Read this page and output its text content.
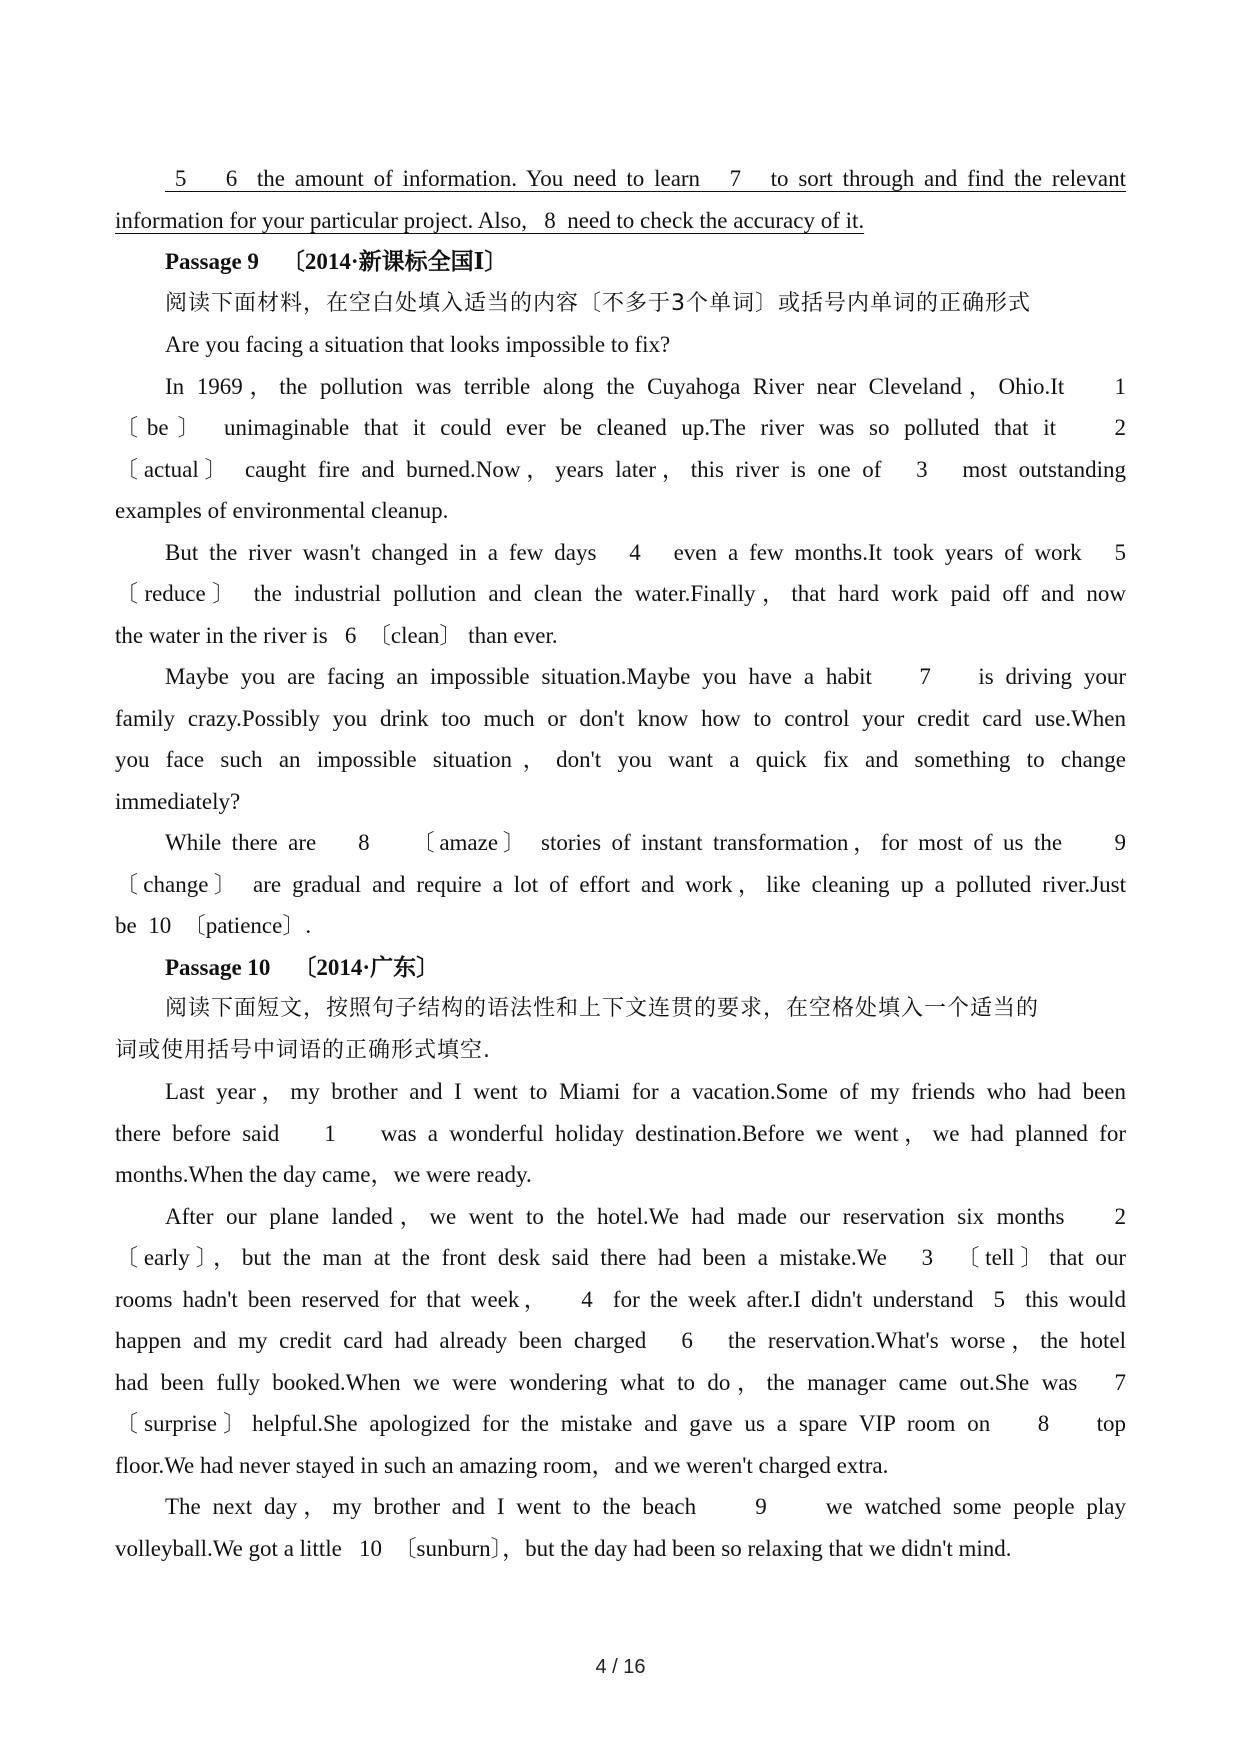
5    6  the amount of information. You need to learn   7   to sort through and find the relevant
information for your particular project. Also,   8  need to check the accuracy of it.
Passage 9    〔2014·新课标全国Ⅰ〕
阅读下面材料，在空白处填入适当的内容〔不多于3个单词〕或括号内单词的正确形式
Are you facing a situation that looks impossible to fix?
In 1969，the pollution was terrible along the Cuyahoga River near Cleveland，Ohio.It    1
〔be〕 unimaginable that it could ever be cleaned up.The river was so polluted that it    2
〔actual〕 caught fire and burned.Now，years later，this river is one of   3   most outstanding
examples of environmental cleanup.
But the river wasn't changed in a few days   4   even a few months.It took years of work   5
〔reduce〕 the industrial pollution and clean the water.Finally，that hard work paid off and now
the water in the river is   6  〔clean〕 than ever.
Maybe you are facing an impossible situation.Maybe you have a habit    7    is driving your
family crazy.Possibly you drink too much or don't know how to control your credit card use.When
you face such an impossible situation，don't you want a quick fix and something to change
immediately?
While there are    8    〔amaze〕 stories of instant transformation，for most of us the     9
〔change〕 are gradual and require a lot of effort and work，like cleaning up a polluted river.Just
be  10  〔patience〕.
Passage 10    〔2014·广东〕
阅读下面短文，按照句子结构的语法性和上下文连贯的要求，在空格处填入一个适当的
词或使用括号中词语的正确形式填空.
Last year，my brother and I went to Miami for a vacation.Some of my friends who had been
there before said    1    was a wonderful holiday destination.Before we went，we had planned for
months.When the day came，we were ready.
After our plane landed，we went to the hotel.We had made our reservation six months    2
〔early〕，but the man at the front desk said there had been a mistake.We   3  〔tell〕that our
rooms hadn't been reserved for that week，   4  for the week after.I didn't understand  5  this would
happen and my credit card had already been charged   6   the reservation.What's worse，the hotel
had been fully booked.When we were wondering what to do，the manager came out.She was   7
〔surprise〕helpful.She apologized for the mistake and gave us a spare VIP room on    8    top
floor.We had never stayed in such an amazing room，and we weren't charged extra.
The next day，my brother and I went to the beach     9     we watched some people play
volleyball.We got a little   10  〔sunburn〕，but the day had been so relaxing that we didn't mind.
4 / 16
